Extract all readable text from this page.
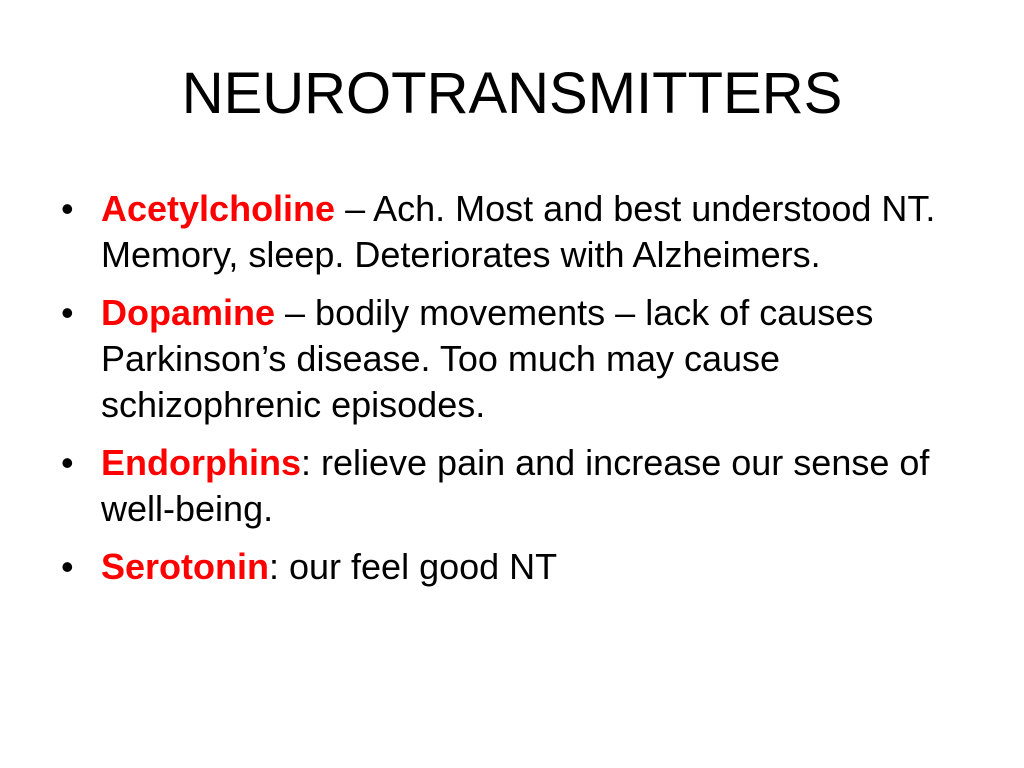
NEUROTRANSMITTERS
• Acetylcholine – Ach. Most and best understood NT. Memory, sleep. Deteriorates with Alzheimers.
• Dopamine – bodily movements – lack of causes Parkinson’s disease. Too much may cause schizophrenic episodes.
• Endorphins: relieve pain and increase our sense of well-being.
• Serotonin: our feel good NT
